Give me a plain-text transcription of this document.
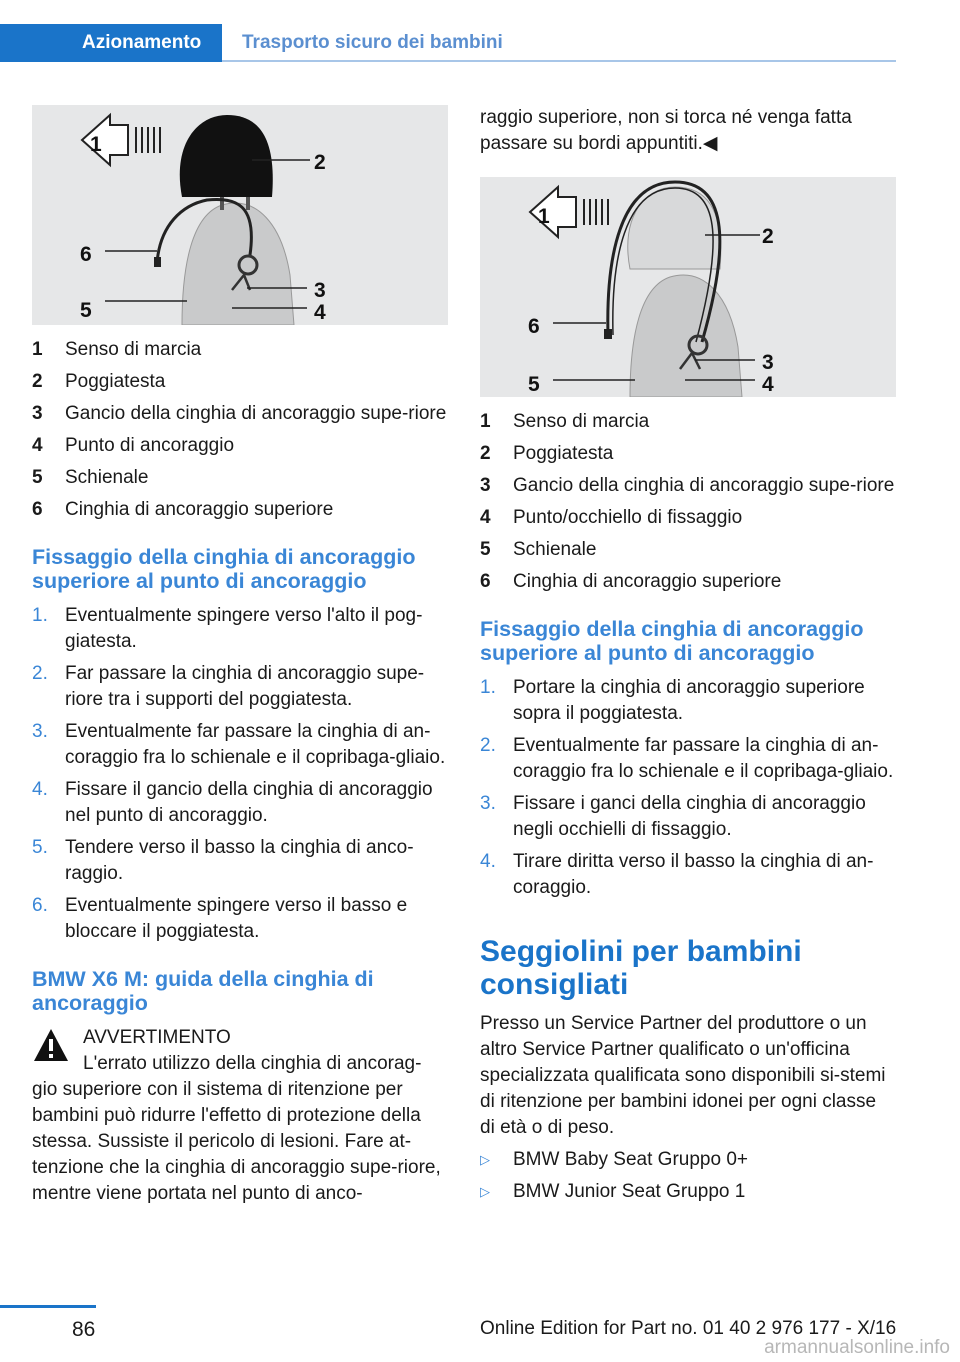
Azionamento	Trasporto sicuro dei bambini
1
2
3
4
5
6
1	Senso di marcia
2	Poggiatesta
3	Gancio della cinghia di ancoraggio supe-riore
4	Punto di ancoraggio
5	Schienale
6	Cinghia di ancoraggio superiore
Fissaggio della cinghia di ancoraggio superiore al punto di ancoraggio
1. Eventualmente spingere verso l'alto il pog-giatesta.
2. Far passare la cinghia di ancoraggio supe-riore tra i supporti del poggiatesta.
3. Eventualmente far passare la cinghia di an-coraggio fra lo schienale e il copribaga-gliaio.
4. Fissare il gancio della cinghia di ancoraggio nel punto di ancoraggio.
5. Tendere verso il basso la cinghia di anco-raggio.
6. Eventualmente spingere verso il basso e bloccare il poggiatesta.
BMW X6 M: guida della cinghia di ancoraggio
AVVERTIMENTO
L'errato utilizzo della cinghia di ancorag-
gio superiore con il sistema di ritenzione per bambini può ridurre l'effetto di protezione della stessa. Sussiste il pericolo di lesioni. Fare at-tenzione che la cinghia di ancoraggio supe-riore, mentre viene portata nel punto di anco-

raggio superiore, non si torca né venga fatta passare su bordi appuntiti.◀

1
2
3
4
5
6
1	Senso di marcia
2	Poggiatesta
3	Gancio della cinghia di ancoraggio supe-riore
4	Punto/occhiello di fissaggio
5	Schienale
6	Cinghia di ancoraggio superiore
Fissaggio della cinghia di ancoraggio superiore al punto di ancoraggio
1. Portare la cinghia di ancoraggio superiore sopra il poggiatesta.
2. Eventualmente far passare la cinghia di an-coraggio fra lo schienale e il copribaga-gliaio.
3. Fissare i ganci della cinghia di ancoraggio negli occhielli di fissaggio.
4. Tirare diritta verso il basso la cinghia di an-coraggio.
Seggiolini per bambini consigliati

Presso un Service Partner del produttore o un altro Service Partner qualificato o un'officina specializzata qualificata sono disponibili si-stemi di ritenzione per bambini idonei per ogni classe di età o di peso.

▷	BMW Baby Seat Gruppo 0+
▷	BMW Junior Seat Gruppo 1
86	Online Edition for Part no. 01 40 2 976 177 - X/16
armannualsonline.info
